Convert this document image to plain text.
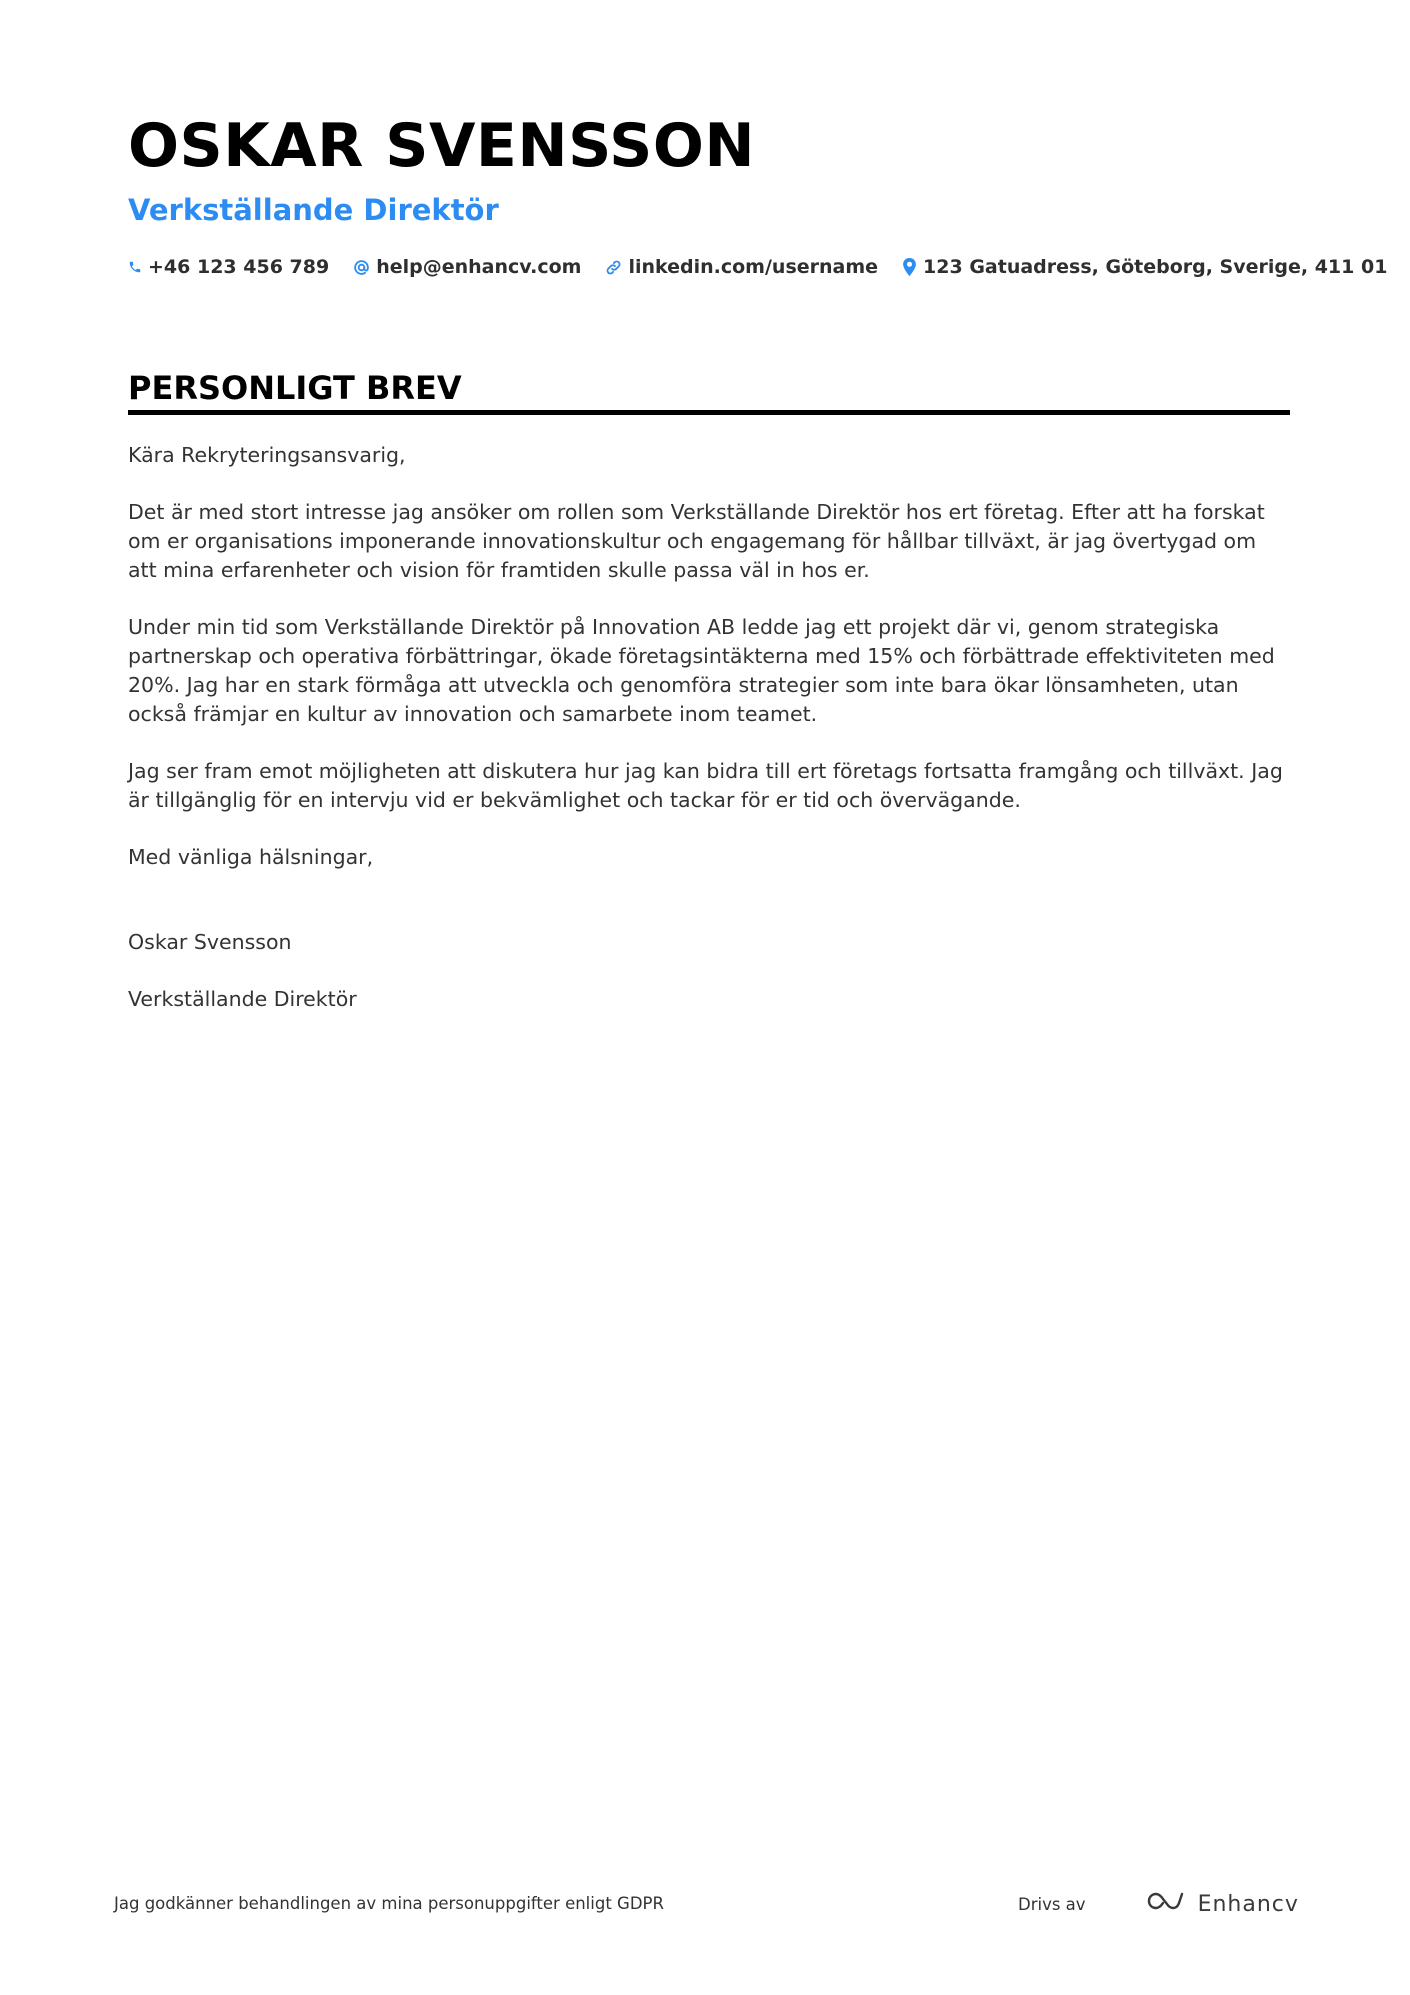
OSKAR SVENSSON
Verkställande Direktör
+46 123 456 789 help@enhancv.com linkedin.com/username 123 Gatuadress, Göteborg, Sverige, 411 01
PERSONLIGT BREV

Kära Rekryteringsansvarig,

Det är med stort intresse jag ansöker om rollen som Verkställande Direktör hos ert företag. Efter att ha forskat om er organisations imponerande innovationskultur och engagemang för hållbar tillväxt, är jag övertygad om att mina erfarenheter och vision för framtiden skulle passa väl in hos er.

Under min tid som Verkställande Direktör på Innovation AB ledde jag ett projekt där vi, genom strategiska partnerskap och operativa förbättringar, ökade företagsintäkterna med 15% och förbättrade effektiviteten med 20%. Jag har en stark förmåga att utveckla och genomföra strategier som inte bara ökar lönsamheten, utan också främjar en kultur av innovation och samarbete inom teamet.

Jag ser fram emot möjligheten att diskutera hur jag kan bidra till ert företags fortsatta framgång och tillväxt. Jag är tillgänglig för en intervju vid er bekvämlighet och tackar för er tid och övervägande.

Med vänliga hälsningar,

Oskar Svensson

Verkställande Direktör

Jag godkänner behandlingen av mina personuppgifter enligt GDPR	Drivs av	Enhancv
